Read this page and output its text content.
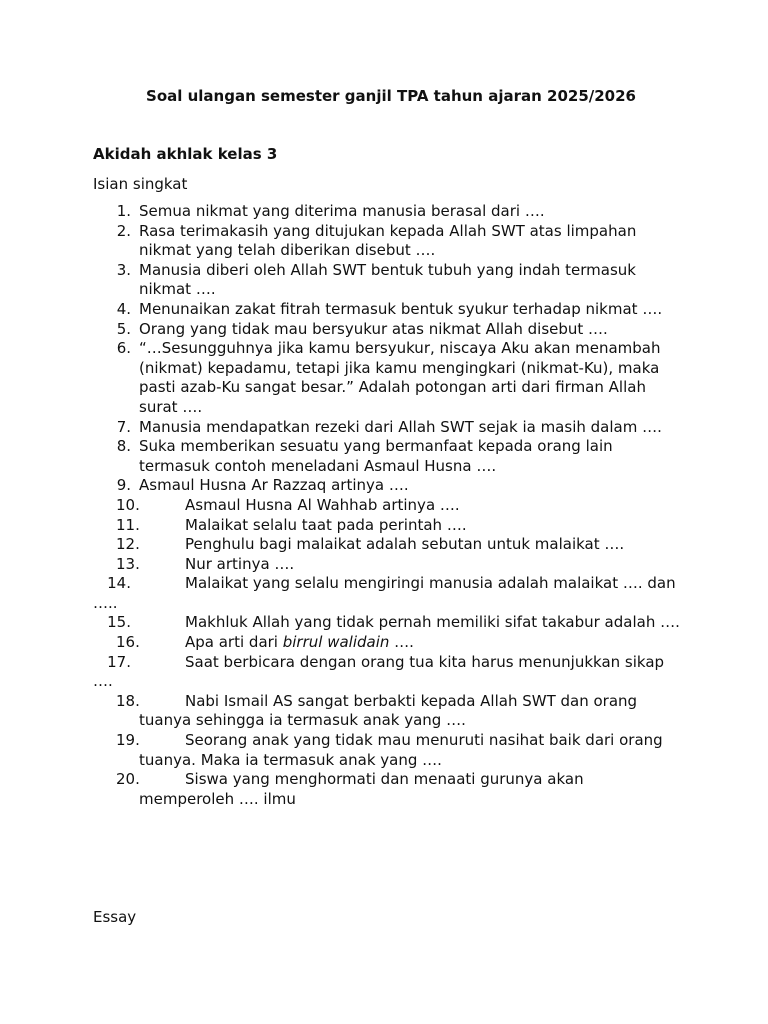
Soal ulangan semester ganjil TPA tahun ajaran 2025/2026
Akidah akhlak kelas 3
Isian singkat
1. Semua nikmat yang diterima manusia berasal dari ….
2. Rasa terimakasih yang ditujukan kepada Allah SWT atas limpahan nikmat yang telah diberikan disebut ….
3. Manusia diberi oleh Allah SWT bentuk tubuh yang indah termasuk nikmat ….
4. Menunaikan zakat fitrah termasuk bentuk syukur terhadap nikmat ….
5. Orang yang tidak mau bersyukur atas nikmat Allah disebut ….
6. “…Sesungguhnya jika kamu bersyukur, niscaya Aku akan menambah (nikmat) kepadamu, tetapi jika kamu mengingkari (nikmat-Ku), maka pasti azab-Ku sangat besar.” Adalah potongan arti dari firman Allah surat ….
7. Manusia mendapatkan rezeki dari Allah SWT sejak ia masih dalam ….
8. Suka memberikan sesuatu yang bermanfaat kepada orang lain termasuk contoh meneladani Asmaul Husna ….
9. Asmaul Husna Ar Razzaq artinya ….
10.	Asmaul Husna Al Wahhab artinya ….
11.	Malaikat selalu taat pada perintah ….
12.	Penghulu bagi malaikat adalah sebutan untuk malaikat ….
13.	Nur artinya ….
14.	Malaikat yang selalu mengiringi manusia adalah malaikat …. dan …..
15.	Makhluk Allah yang tidak pernah memiliki sifat takabur adalah ….
16.	Apa arti dari birrul walidain ….
17.	Saat berbicara dengan orang tua kita harus menunjukkan sikap ….
18.	Nabi Ismail AS sangat berbakti kepada Allah SWT dan orang tuanya sehingga ia termasuk anak yang ….
19.	Seorang anak yang tidak mau menuruti nasihat baik dari orang tuanya. Maka ia termasuk anak yang ….
20.	Siswa yang menghormati dan menaati gurunya akan memperoleh …. ilmu
Essay
